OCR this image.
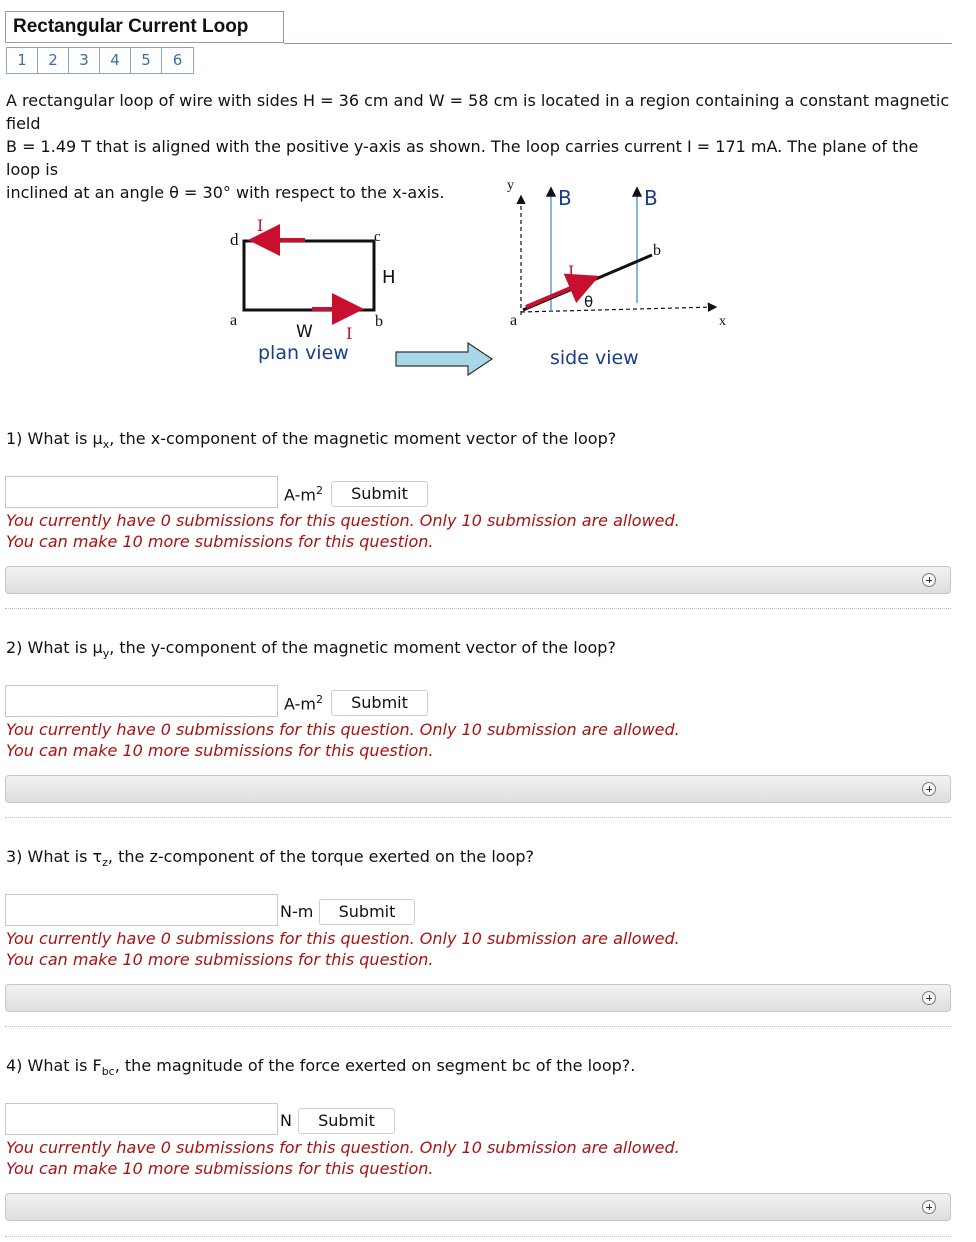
Rectangular Current Loop
1	2	3	4	5	6

A rectangular loop of wire with sides H = 36 cm and W = 58 cm is located in a region containing a constant magnetic field

B = 1.49 T that is aligned with the positive y-axis as shown. The loop carries current I = 171 mA. The plane of the loop is

inclined at an angle θ = 30° with respect to the x-axis.

d	c
a	b
H
W
I
I
plan view
y
x
B	B
I
θ
a
b
side view
1) What is $\mu_x$, the x-component of the magnetic moment vector of the loop?
$A-m^2$	Submit

You currently have 0 submissions for this question. Only 10 submission are allowed.

You can make 10 more submissions for this question.

2) What is $\mu_y$, the y-component of the magnetic moment vector of the loop?
$A-m^2$	Submit

You currently have 0 submissions for this question. Only 10 submission are allowed.

You can make 10 more submissions for this question.

3) What is $\tau_z$, the z-component of the torque exerted on the loop?
N-m	Submit

You currently have 0 submissions for this question. Only 10 submission are allowed.

You can make 10 more submissions for this question.

4) What is $F_{bc}$, the magnitude of the force exerted on segment bc of the loop?.
N	Submit

You currently have 0 submissions for this question. Only 10 submission are allowed.

You can make 10 more submissions for this question.
